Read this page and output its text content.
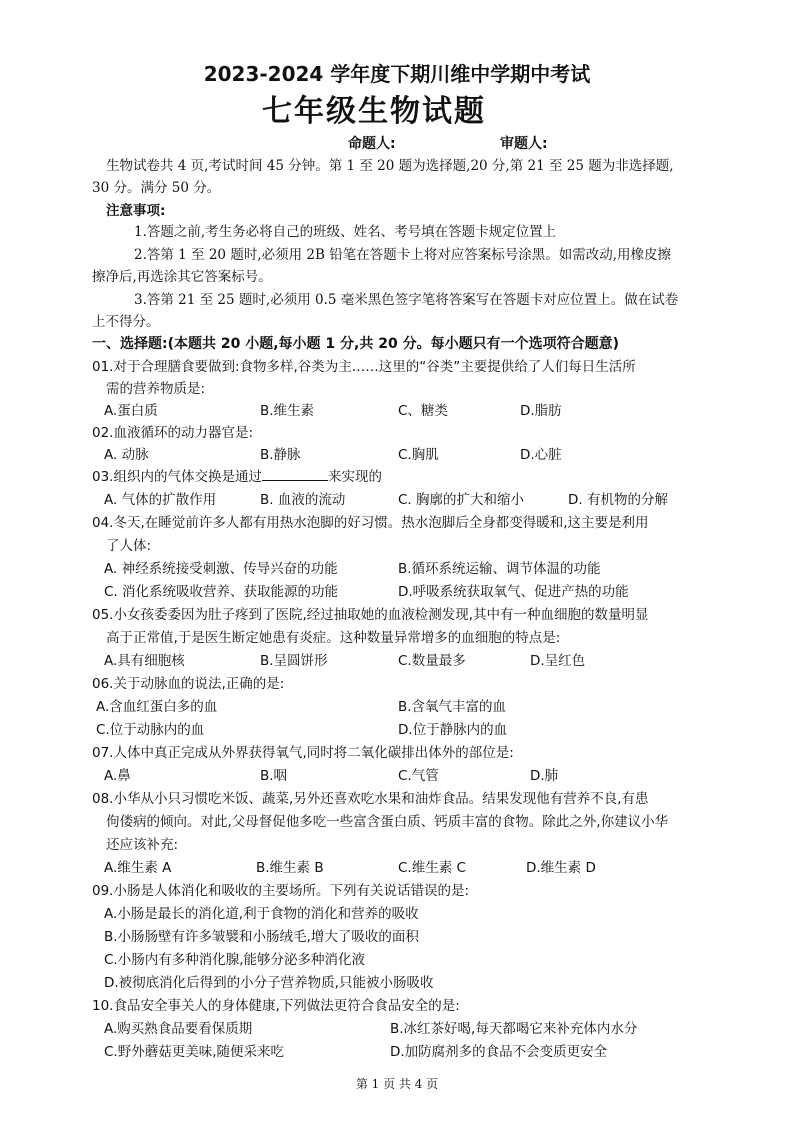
2023-2024 学年度下期川维中学期中考试
七年级生物试题
命题人:	审题人:
生物试卷共 4 页,考试时间 45 分钟。第 1 至 20 题为选择题,20 分,第 21 至 25 题为非选择题,
30 分。满分 50 分。
注意事项:
1.答题之前,考生务必将自己的班级、姓名、考号填在答题卡规定位置上
2.答第 1 至 20 题时,必须用 2B 铅笔在答题卡上将对应答案标号涂黑。如需改动,用橡皮擦
擦净后,再选涂其它答案标号。
3.答第 21 至 25 题时,必须用 0.5 毫米黑色签字笔将答案写在答题卡对应位置上。做在试卷
上不得分。
一、选择题:(本题共 20 小题,每小题 1 分,共 20 分。每小题只有一个选项符合题意)
01.对于合理膳食要做到:食物多样,谷类为主……这里的“谷类”主要提供给了人们每日生活所
需的营养物质是:
A.蛋白质	B.维生素	C、糖类	D.脂肪
02.血液循环的动力器官是:
A. 动脉	B.静脉	C.胸肌	D.心脏
03.组织内的气体交换是通过	来实现的
A. 气体的扩散作用	B. 血液的流动	C. 胸廓的扩大和缩小	D. 有机物的分解
04.冬天,在睡觉前许多人都有用热水泡脚的好习惯。热水泡脚后全身都变得暖和,这主要是利用
了人体:
A. 神经系统接受刺激、传导兴奋的功能	B.循环系统运输、调节体温的功能
C. 消化系统吸收营养、获取能源的功能	D.呼吸系统获取氧气、促进产热的功能
05.小女孩委委因为肚子疼到了医院,经过抽取她的血液检测发现,其中有一种血细胞的数量明显
高于正常值,于是医生断定她患有炎症。这种数量异常增多的血细胞的特点是:
A.具有细胞核	B.呈圆饼形	C.数量最多	D.呈红色
06.关于动脉血的说法,正确的是:
A.含血红蛋白多的血	B.含氧气丰富的血
C.位于动脉内的血	D.位于静脉内的血
07.人体中真正完成从外界获得氧气,同时将二氧化碳排出体外的部位是:
A.鼻	B.咽	C.气管	D.肺
08.小华从小只习惯吃米饭、蔬菜,另外还喜欢吃水果和油炸食品。结果发现他有营养不良,有患
佝偻病的倾向。对此,父母督促他多吃一些富含蛋白质、钙质丰富的食物。除此之外,你建议小华
还应该补充:
A.维生素 A	B.维生素 B	C.维生素 C	D.维生素 D
09.小肠是人体消化和吸收的主要场所。下列有关说话错误的是:
A.小肠是最长的消化道,利于食物的消化和营养的吸收
B.小肠肠壁有许多皱襞和小肠绒毛,增大了吸收的面积
C.小肠内有多种消化腺,能够分泌多种消化液
D.被彻底消化后得到的小分子营养物质,只能被小肠吸收
10.食品安全事关人的身体健康,下列做法更符合食品安全的是:
A.购买熟食品要看保质期	B.冰红茶好喝,每天都喝它来补充体内水分
C.野外蘑菇更美味,随便采来吃	D.加防腐剂多的食品不会变质更安全
第 1 页 共 4 页
